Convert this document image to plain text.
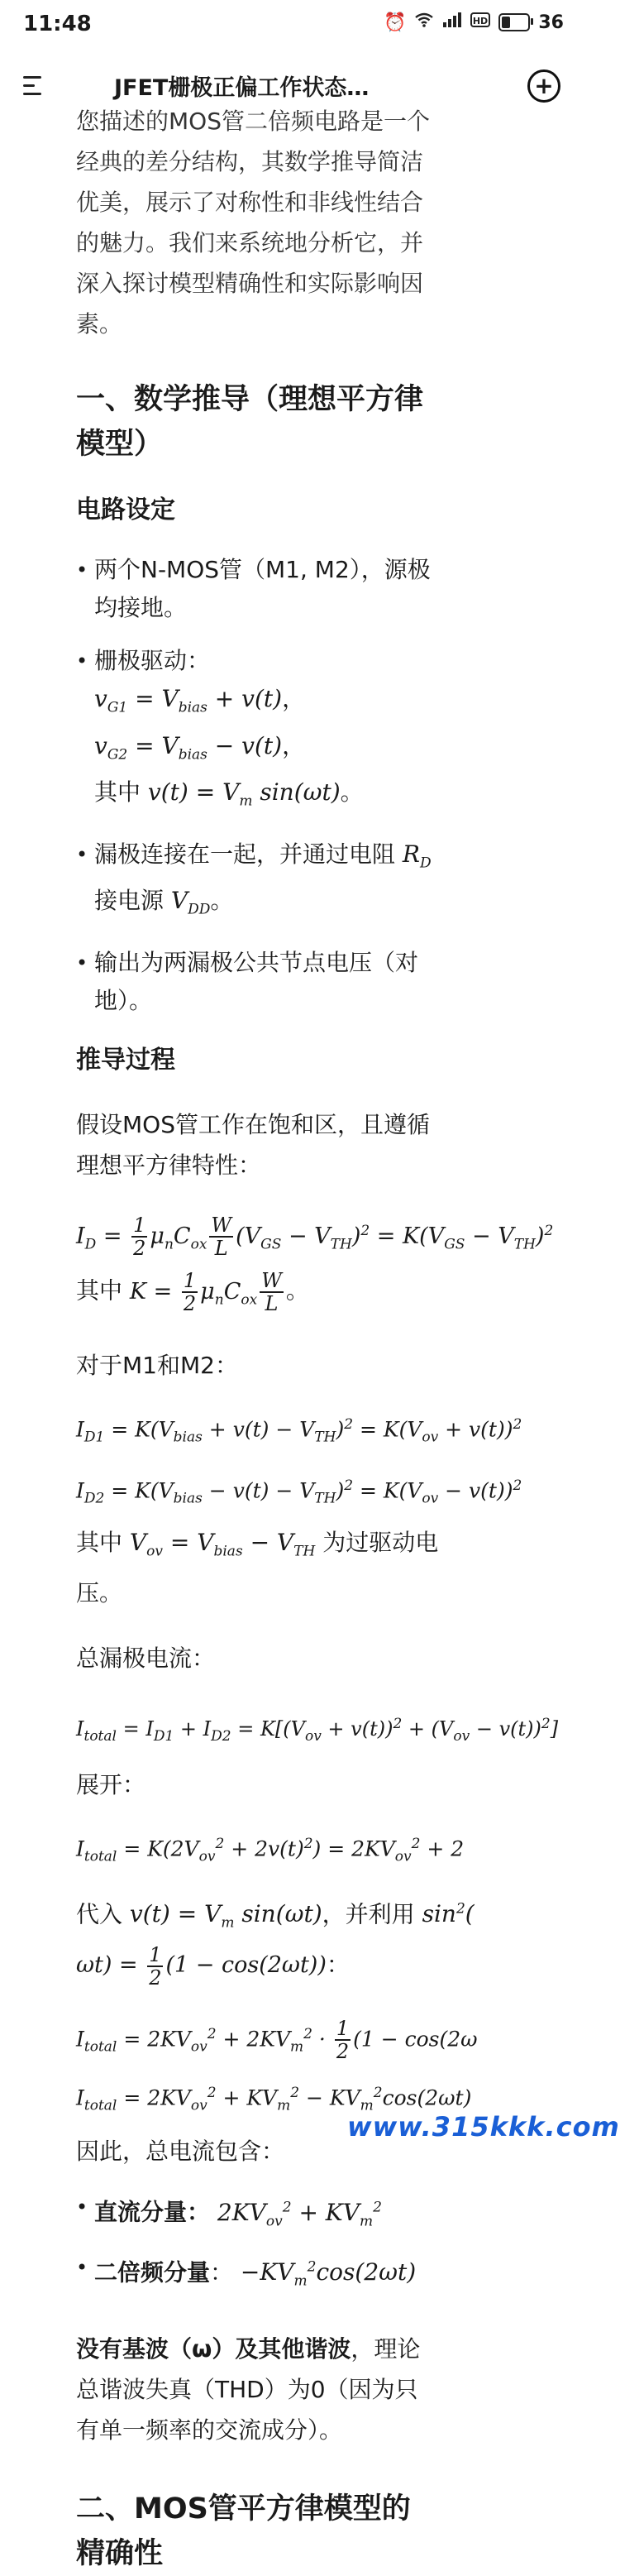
11:48	⏰	HD	36
JFET栅极正偏工作状态…	+

您描述的MOS管二倍频电路是一个经典的差分结构，其数学推导简洁优美，展示了对称性和非线性结合的魅力。我们来系统地分析它，并深入探讨模型精确性和实际影响因素。

一、数学推导（理想平方律模型）
电路设定
• 两个N-MOS管（M1, M2），源极均接地。
• 栅极驱动：
$v_{G1} = V_{bias} + v(t)$，
$v_{G2} = V_{bias} - v(t)$，
其中 $v(t) = V_m$ sin(ωt)。
• 漏极连接在一起，并通过电阻 $R_D$
接电源 $V_{DD}$。
• 输出为两漏极公共节点电压（对地）。
推导过程

假设MOS管工作在饱和区，且遵循理想平方律特性：

$I_D = \frac{1}{2} \mu_nC_{ox} \frac{W}{L} (V_{GS} - V_{TH})^2 = K(V_{GS} - V_{TH})^2$

其中 $K = \frac{1}{2} \mu_nC_{ox} \frac{W}{L}$ 。

对于M1和M2：

$I_{D1} = K(V_{bias} + v(t) - V_{TH})^2 = K(V_{ov} + v(t))^2$
$I_{D2} = K(V_{bias} - v(t) - V_{TH})^2 = K(V_{ov} - v(t))^2$

其中 $V_{ov} = V_{bias} - V_{TH}$ 为过驱动电压。

总漏极电流：

$I_{total} = I_{D1} + I_{D2} = K[(V_{ov} + v(t))^2 + (V_{ov} - v(t))^2]$

展开：

$I_{total} = K(2V_{ov}^2 + 2v(t)^2) = 2KV_{ov}^2 + 2$

代入 $v(t) = V_m$ sin(ωt)，并利用 $\sin^2$(
$\omega t) = \frac{1}{2} (1 - \cos(2\omega t))$：

$I_{total} = 2KV_{ov}^2 + 2KV_m^2 \cdot \frac{1}{2} (1 - \cos(2\omega$
$I_{total} = 2KV_{ov}^2 + KV_m^2 - KV_m^2\cos(2\omega t)$

因此，总电流包含：

• 直流分量： $2KV_{ov}^2 + KV_m^2$
• 二倍频分量： $-KV_m^2\cos(2\omega t)$

没有基波（ω）及其他谐波，理论总谐波失真（THD）为0（因为只有单一频率的交流成分）。

二、MOS管平方律模型的精确性
www.315kkk.com
